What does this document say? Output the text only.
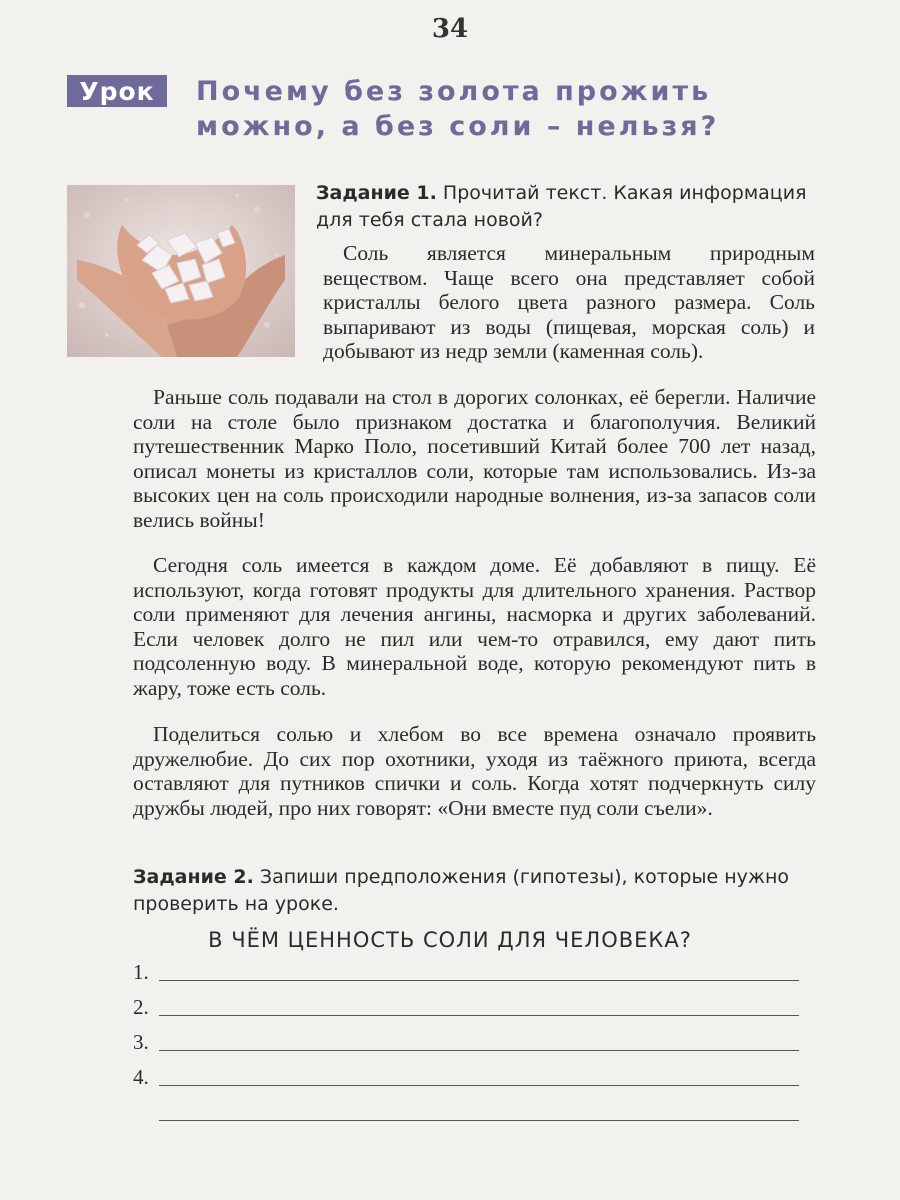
34
Урок	Почему без золота прожить
можно, а без соли – нельзя?
Задание 1. Прочитай текст. Какая информация для тебя стала новой?

Соль является минеральным природным веществом. Чаще всего она представляет собой кристаллы белого цвета разного размера. Соль выпаривают из воды (пищевая, морская соль) и добывают из недр земли (каменная соль).

Раньше соль подавали на стол в дорогих солонках, её берегли. Наличие соли на столе было признаком достатка и благополучия. Великий путешественник Марко Поло, посетивший Китай более 700 лет назад, описал монеты из кристаллов соли, которые там использовались. Из-за высоких цен на соль происходили народные волнения, из-за запасов соли велись войны!

Сегодня соль имеется в каждом доме. Её добавляют в пищу. Её используют, когда готовят продукты для длительного хранения. Раствор соли применяют для лечения ангины, насморка и других заболеваний. Если человек долго не пил или чем-то отравился, ему дают пить подсоленную воду. В минеральной воде, которую рекомендуют пить в жару, тоже есть соль.

Поделиться солью и хлебом во все времена означало проявить дружелюбие. До сих пор охотники, уходя из таёжного приюта, всегда оставляют для путников спички и соль. Когда хотят подчеркнуть силу дружбы людей, про них говорят: «Они вместе пуд соли съели».

Задание 2. Запиши предположения (гипотезы), которые нужно проверить на уроке.
В ЧЁМ ЦЕННОСТЬ СОЛИ ДЛЯ ЧЕЛОВЕКА?
1.
2.
3.
4.
